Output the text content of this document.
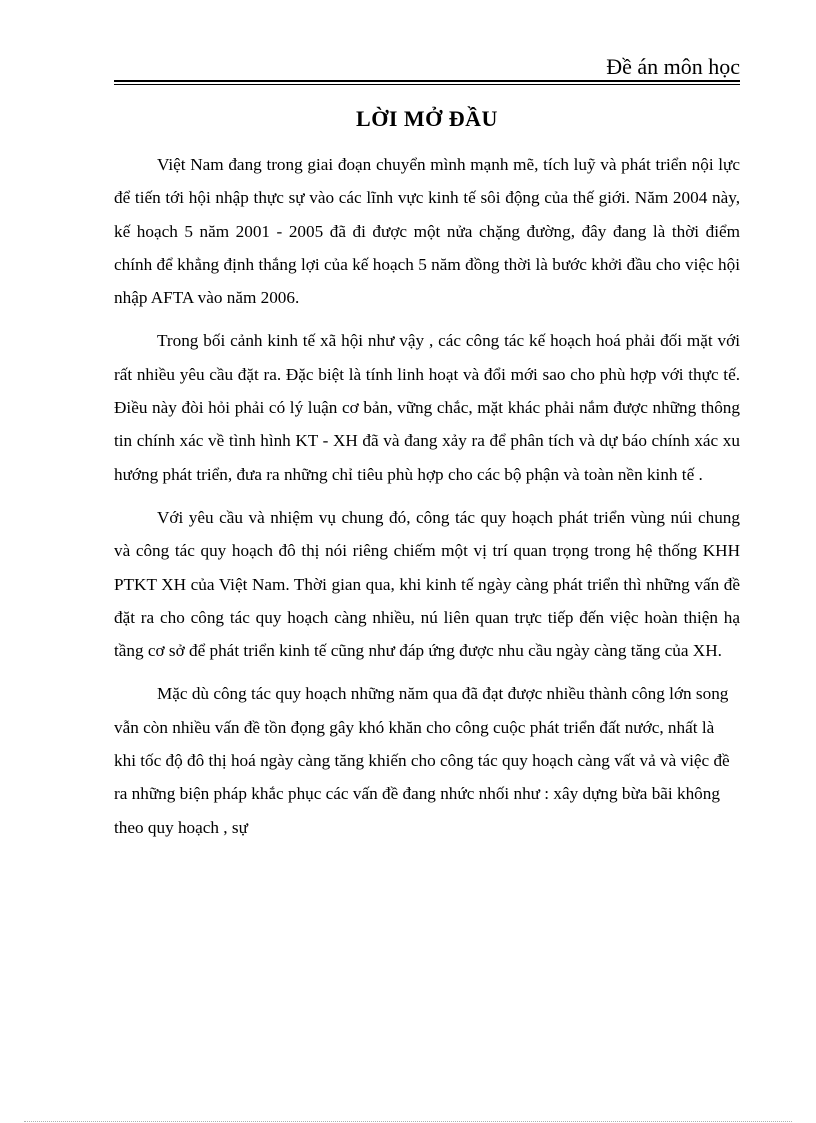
Đề án môn học
LỜI MỞ ĐẦU

Việt Nam đang trong giai đoạn chuyển mình mạnh mẽ, tích luỹ và phát triển nội lực để tiến tới hội nhập thực sự vào các lĩnh vực kinh tế sôi động của thế giới. Năm 2004 này, kế hoạch 5 năm 2001 - 2005 đã đi được một nửa chặng đường, đây đang là thời điểm chính để khẳng định thắng lợi của kế hoạch 5 năm đồng thời là bước khởi đầu cho việc hội nhập AFTA vào năm 2006.

Trong bối cảnh kinh tế xã hội như vậy , các công tác kế hoạch hoá phải đối mặt với rất nhiều yêu cầu đặt ra. Đặc biệt là tính linh hoạt và đổi mới sao cho phù hợp với thực tế. Điều này đòi hỏi phải có lý luận cơ bản, vững chắc, mặt khác phải nắm được những thông tin chính xác về tình hình KT - XH đã và đang xảy ra để phân tích và dự báo chính xác xu hướng phát triển, đưa ra những chỉ tiêu phù hợp cho các bộ phận và toàn nền kinh tế .

Với yêu cầu và nhiệm vụ chung đó, công tác quy hoạch phát triển vùng núi chung và công tác quy hoạch đô thị nói riêng chiếm một vị trí quan trọng trong hệ thống KHH PTKT XH của Việt Nam. Thời gian qua, khi kinh tế ngày càng phát triển thì những vấn đề đặt ra cho công tác quy hoạch càng nhiều, nú liên quan trực tiếp đến việc hoàn thiện hạ tầng cơ sở để phát triển kinh tế cũng như đáp ứng được nhu cầu ngày càng tăng của XH.

Mặc dù công tác quy hoạch những năm qua đã đạt được nhiều thành công lớn song vẫn còn nhiều vấn đề tồn đọng gây khó khăn cho công cuộc phát triển đất nước, nhất là khi tốc độ đô thị hoá ngày càng tăng khiến cho công tác quy hoạch càng vất vả và việc đề ra những biện pháp khắc phục các vấn đề đang nhức nhối như : xây dựng bừa bãi không theo quy hoạch , sự
